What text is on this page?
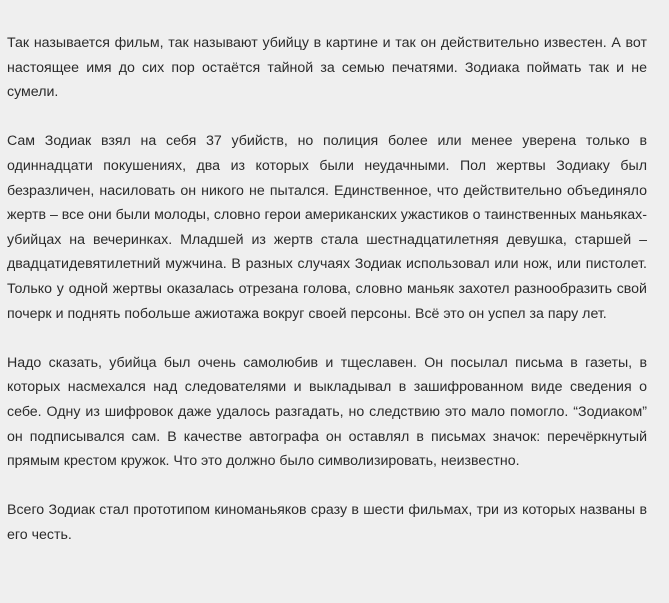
Так называется фильм, так называют убийцу в картине и так он действительно известен. А вот настоящее имя до сих пор остаётся тайной за семью печатями. Зодиака поймать так и не сумели.

Сам Зодиак взял на себя 37 убийств, но полиция более или менее уверена только в одиннадцати покушениях, два из которых были неудачными. Пол жертвы Зодиаку был безразличен, насиловать он никого не пытался. Единственное, что действительно объединяло жертв – все они были молоды, словно герои американских ужастиков о таинственных маньяках-убийцах на вечеринках. Младшей из жертв стала шестнадцатилетняя девушка, старшей – двадцатидевятилетний мужчина. В разных случаях Зодиак использовал или нож, или пистолет. Только у одной жертвы оказалась отрезана голова, словно маньяк захотел разнообразить свой почерк и поднять побольше ажиотажа вокруг своей персоны. Всё это он успел за пару лет.

Надо сказать, убийца был очень самолюбив и тщеславен. Он посылал письма в газеты, в которых насмехался над следователями и выкладывал в зашифрованном виде сведения о себе. Одну из шифровок даже удалось разгадать, но следствию это мало помогло. “Зодиаком” он подписывался сам. В качестве автографа он оставлял в письмах значок: перечёркнутый прямым крестом кружок. Что это должно было символизировать, неизвестно.

Всего Зодиак стал прототипом киноманьяков сразу в шести фильмах, три из которых названы в его честь.
